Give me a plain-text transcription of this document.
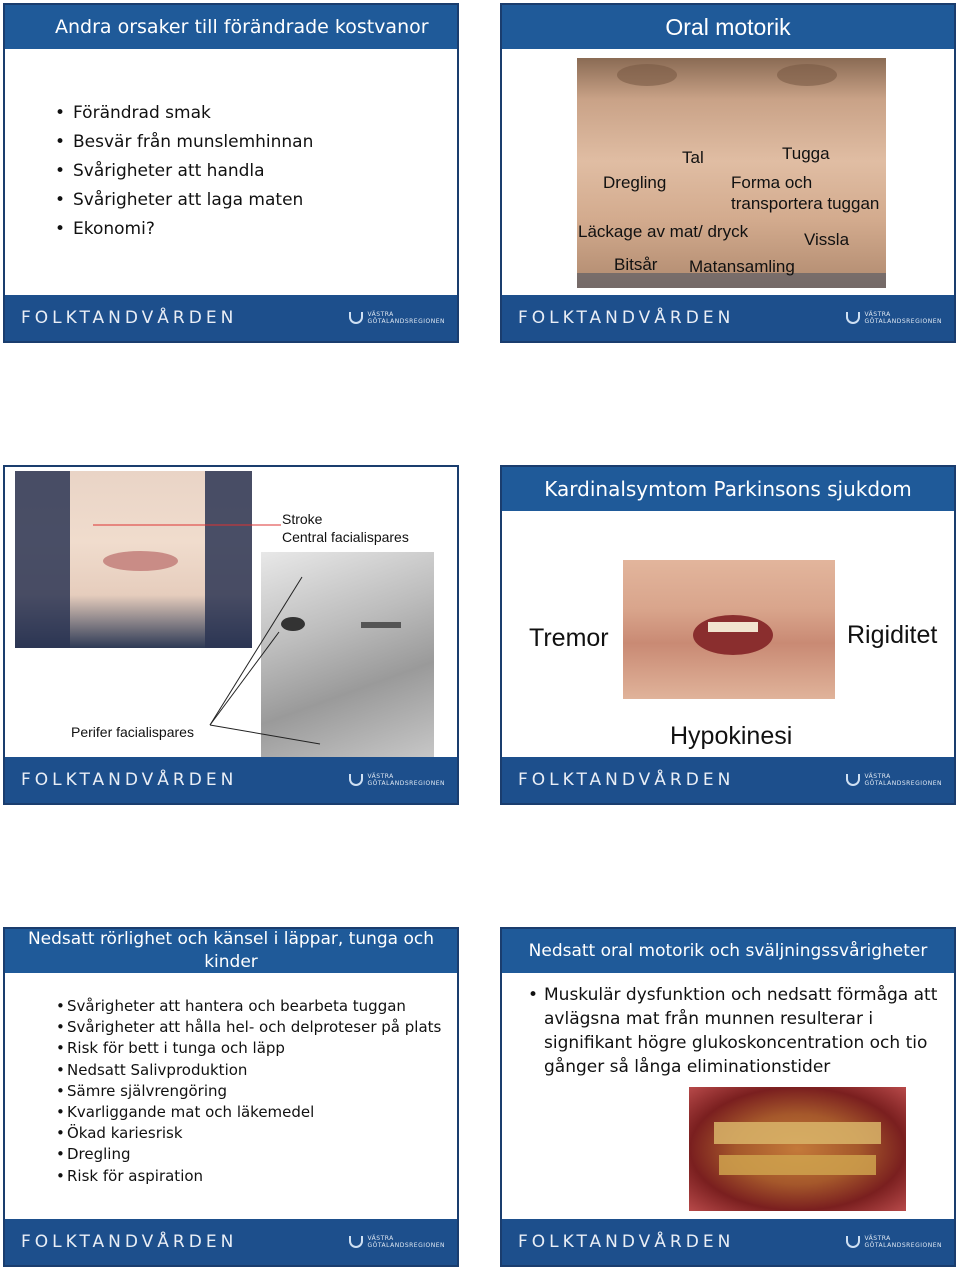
Andra orsaker till förändrade kostvanor
• Förändrad smak
• Besvär från munslemhinnan
• Svårigheter att handla
• Svårigheter att laga maten
• Ekonomi?
FOLKTANDVÅRDEN	VÄSTRA
GÖTALANDSREGIONEN
Oral motorik
Tal	Tugga
Dregling	Forma och
transportera tuggan
Läckage av mat/ dryck	Vissla
Bitsår Matansamling
FOLKTANDVÅRDEN	VÄSTRA
GÖTALANDSREGIONEN
Stroke
Central facialispares
Perifer facialispares
FOLKTANDVÅRDEN	VÄSTRA
GÖTALANDSREGIONEN
Kardinalsymtom Parkinsons sjukdom
Tremor	Rigiditet
Hypokinesi
FOLKTANDVÅRDEN	VÄSTRA
GÖTALANDSREGIONEN
Nedsatt rörlighet och känsel i läppar, tunga och kinder
• Svårigheter att hantera och bearbeta tuggan
• Svårigheter att hålla hel- och delproteser på plats
• Risk för bett i tunga och läpp
• Nedsatt Salivproduktion
• Sämre självrengöring
• Kvarliggande mat och läkemedel
• Ökad kariesrisk
• Dregling
• Risk för aspiration
FOLKTANDVÅRDEN	VÄSTRA
GÖTALANDSREGIONEN
Nedsatt oral motorik och sväljningssvårigheter
• Muskulär dysfunktion och nedsatt förmåga att avlägsna mat från munnen resulterar i signifikant högre glukoskoncentration och tio gånger så långa eliminationstider
FOLKTANDVÅRDEN	VÄSTRA
GÖTALANDSREGIONEN
